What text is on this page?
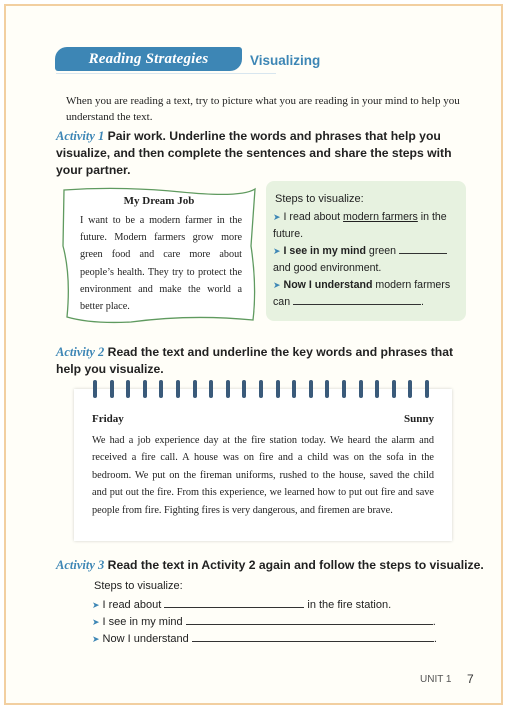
Reading Strategies	Visualizing
When you are reading a text, try to picture what you are reading in your mind to help you understand the text.
Activity 1 Pair work. Underline the words and phrases that help you visualize, and then complete the sentences and share the steps with your partner.
My Dream Job
I want to be a modern farmer in the future. Modern farmers grow more green food and care more about people’s health. They try to protect the environment and make the world a better place.
Steps to visualize:
➤ I read about modern farmers in the future.
➤ I see in my mind green  and good environment.
➤ Now I understand modern farmers can	.
Activity 2 Read the text and underline the key words and phrases that help you visualize.
Friday	Sunny
We had a job experience day at the fire station today. We heard the alarm and received a fire call. A house was on fire and a child was on the sofa in the bedroom. We put on the fireman uniforms, rushed to the house, saved the child and put out the fire. From this experience, we learned how to put out fire and save people from fire. Fighting fires is very dangerous, and firemen are brave.
Activity 3 Read the text in Activity 2 again and follow the steps to visualize.
Steps to visualize:
➤ I read about	in the fire station.
➤ I see in my mind	.
➤ Now I understand	.
UNIT 1 7
